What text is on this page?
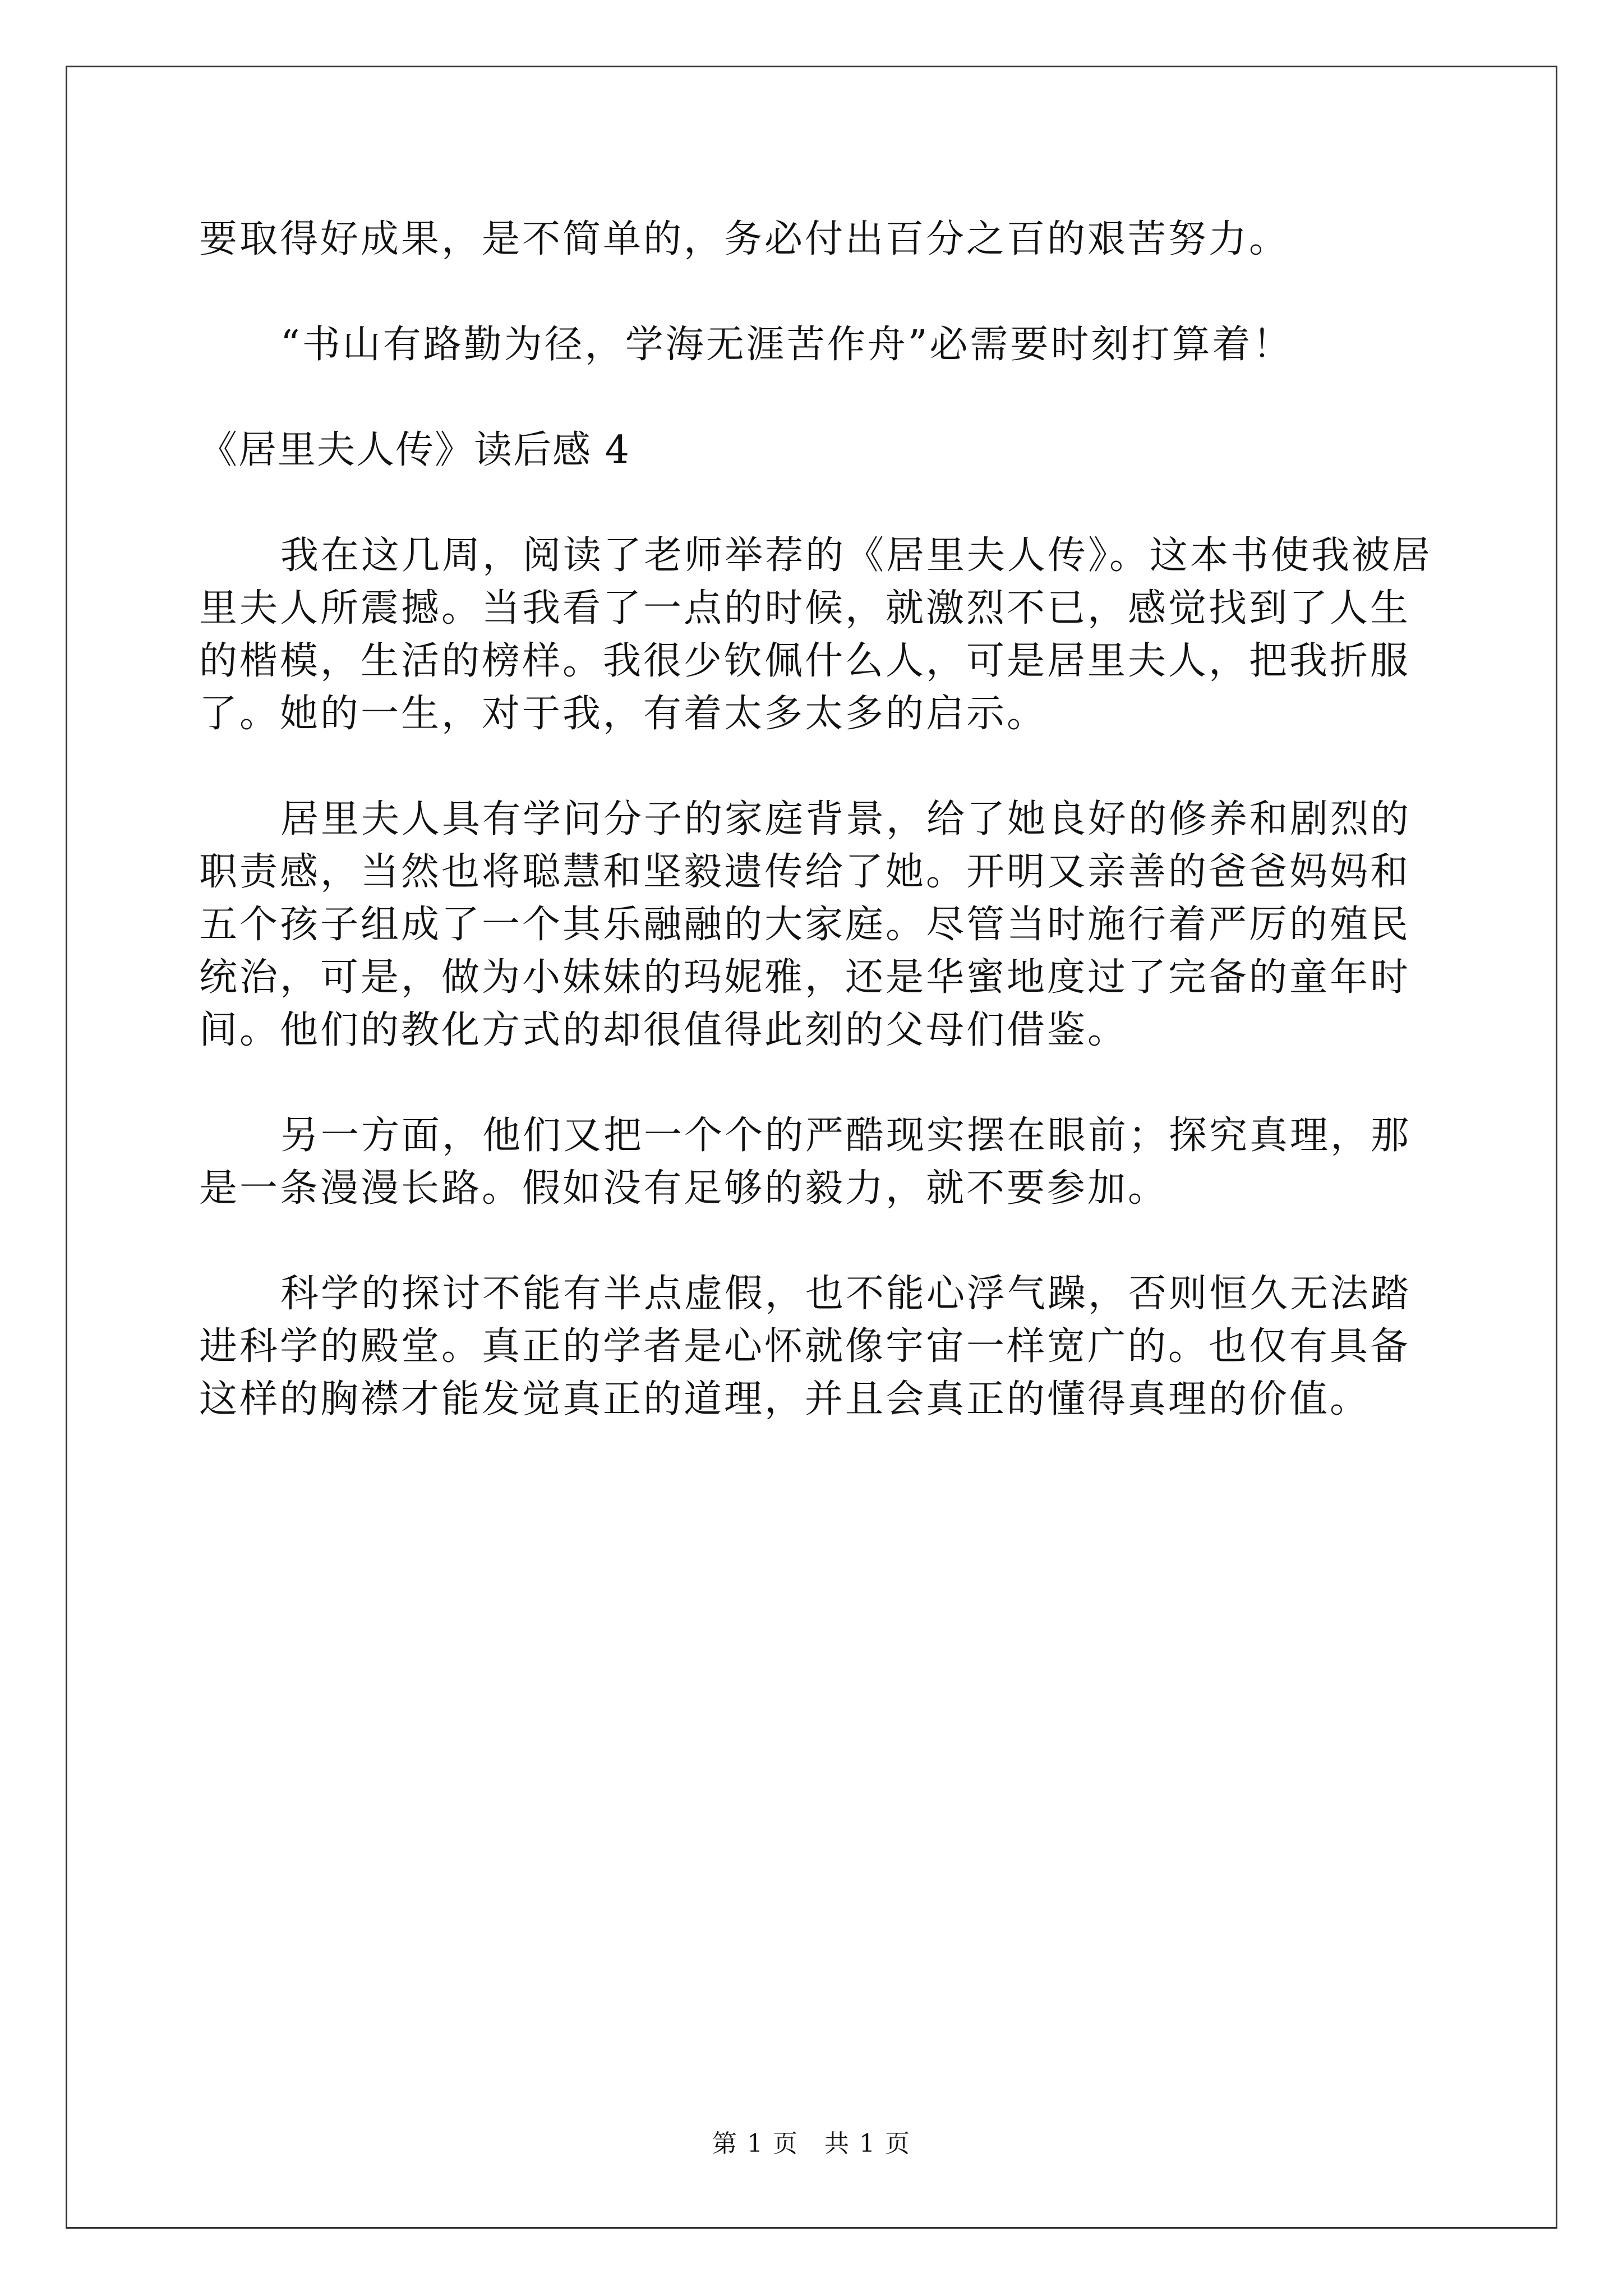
要取得好成果，是不简单的，务必付出百分之百的艰苦努力。

“书山有路勤为径，学海无涯苦作舟”必需要时刻打算着！

《居里夫人传》读后感 4

我在这几周，阅读了老师举荐的《居里夫人传》。这本书使我被居
里夫人所震撼。当我看了一点的时候，就激烈不已，感觉找到了人生
的楷模，生活的榜样。我很少钦佩什么人，可是居里夫人，把我折服
了。她的一生，对于我，有着太多太多的启示。
居里夫人具有学问分子的家庭背景，给了她良好的修养和剧烈的
职责感，当然也将聪慧和坚毅遗传给了她。开明又亲善的爸爸妈妈和
五个孩子组成了一个其乐融融的大家庭。尽管当时施行着严厉的殖民
统治，可是，做为小妹妹的玛妮雅，还是华蜜地度过了完备的童年时
间。他们的教化方式的却很值得此刻的父母们借鉴。
另一方面，他们又把一个个的严酷现实摆在眼前；探究真理，那
是一条漫漫长路。假如没有足够的毅力，就不要参加。
科学的探讨不能有半点虚假，也不能心浮气躁，否则恒久无法踏
进科学的殿堂。真正的学者是心怀就像宇宙一样宽广的。也仅有具备
这样的胸襟才能发觉真正的道理，并且会真正的懂得真理的价值。
第 1 页　共 1 页
